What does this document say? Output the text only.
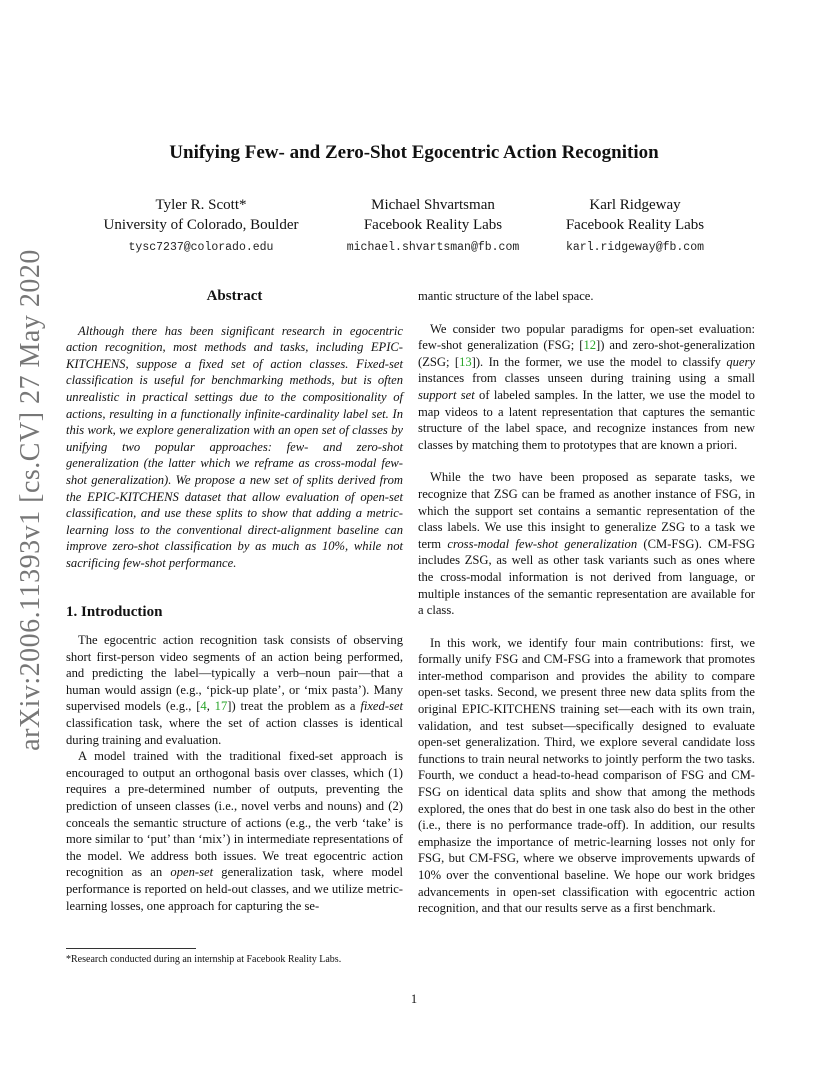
arXiv:2006.11393v1 [cs.CV] 27 May 2020
Unifying Few- and Zero-Shot Egocentric Action Recognition
Tyler R. Scott*
University of Colorado, Boulder
tysc7237@colorado.edu
Michael Shvartsman
Facebook Reality Labs
michael.shvartsman@fb.com
Karl Ridgeway
Facebook Reality Labs
karl.ridgeway@fb.com
Abstract

Although there has been significant research in egocentric action recognition, most methods and tasks, including EPIC-KITCHENS, suppose a fixed set of action classes. Fixed-set classification is useful for benchmarking methods, but is often unrealistic in practical settings due to the compositionality of actions, resulting in a functionally infinite-cardinality label set. In this work, we explore generalization with an open set of classes by unifying two popular approaches: few- and zero-shot generalization (the latter which we reframe as cross-modal few-shot generalization). We propose a new set of splits derived from the EPIC-KITCHENS dataset that allow evaluation of open-set classification, and use these splits to show that adding a metric-learning loss to the conventional direct-alignment baseline can improve zero-shot classification by as much as 10%, while not sacrificing few-shot performance.

1. Introduction

The egocentric action recognition task consists of observing short first-person video segments of an action being performed, and predicting the label—typically a verb–noun pair—that a human would assign (e.g., ‘pick-up plate’, or ‘mix pasta’). Many supervised models (e.g., [4, 17]) treat the problem as a fixed-set classification task, where the set of action classes is identical during training and evaluation.

A model trained with the traditional fixed-set approach is encouraged to output an orthogonal basis over classes, which (1) requires a pre-determined number of outputs, preventing the prediction of unseen classes (i.e., novel verbs and nouns) and (2) conceals the semantic structure of actions (e.g., the verb ‘take’ is more similar to ‘put’ than ‘mix’) in intermediate representations of the model. We address both issues. We treat egocentric action recognition as an open-set generalization task, where model performance is reported on held-out classes, and we utilize metric-learning losses, one approach for capturing the se-

mantic structure of the label space.

We consider two popular paradigms for open-set evaluation: few-shot generalization (FSG; [12]) and zero-shot-generalization (ZSG; [13]). In the former, we use the model to classify query instances from classes unseen during training using a small support set of labeled samples. In the latter, we use the model to map videos to a latent representation that captures the semantic structure of the label space, and recognize instances from new classes by matching them to prototypes that are known a priori.

While the two have been proposed as separate tasks, we recognize that ZSG can be framed as another instance of FSG, in which the support set contains a semantic representation of the class labels. We use this insight to generalize ZSG to a task we term cross-modal few-shot generalization (CM-FSG). CM-FSG includes ZSG, as well as other task variants such as ones where the cross-modal information is not derived from language, or multiple instances of the semantic representation are available for a class.

In this work, we identify four main contributions: first, we formally unify FSG and CM-FSG into a framework that promotes inter-method comparison and provides the ability to compare open-set tasks. Second, we present three new data splits from the original EPIC-KITCHENS training set—each with its own train, validation, and test subset—specifically designed to evaluate open-set generalization. Third, we explore several candidate loss functions to train neural networks to jointly perform the two tasks. Fourth, we conduct a head-to-head comparison of FSG and CM-FSG on identical data splits and show that among the methods explored, the ones that do best in one task also do best in the other (i.e., there is no performance trade-off). In addition, our results emphasize the importance of metric-learning losses not only for FSG, but CM-FSG, where we observe improvements upwards of 10% over the conventional baseline. We hope our work bridges advancements in open-set classification with egocentric action recognition, and that our results serve as a first benchmark.

*Research conducted during an internship at Facebook Reality Labs.
1
